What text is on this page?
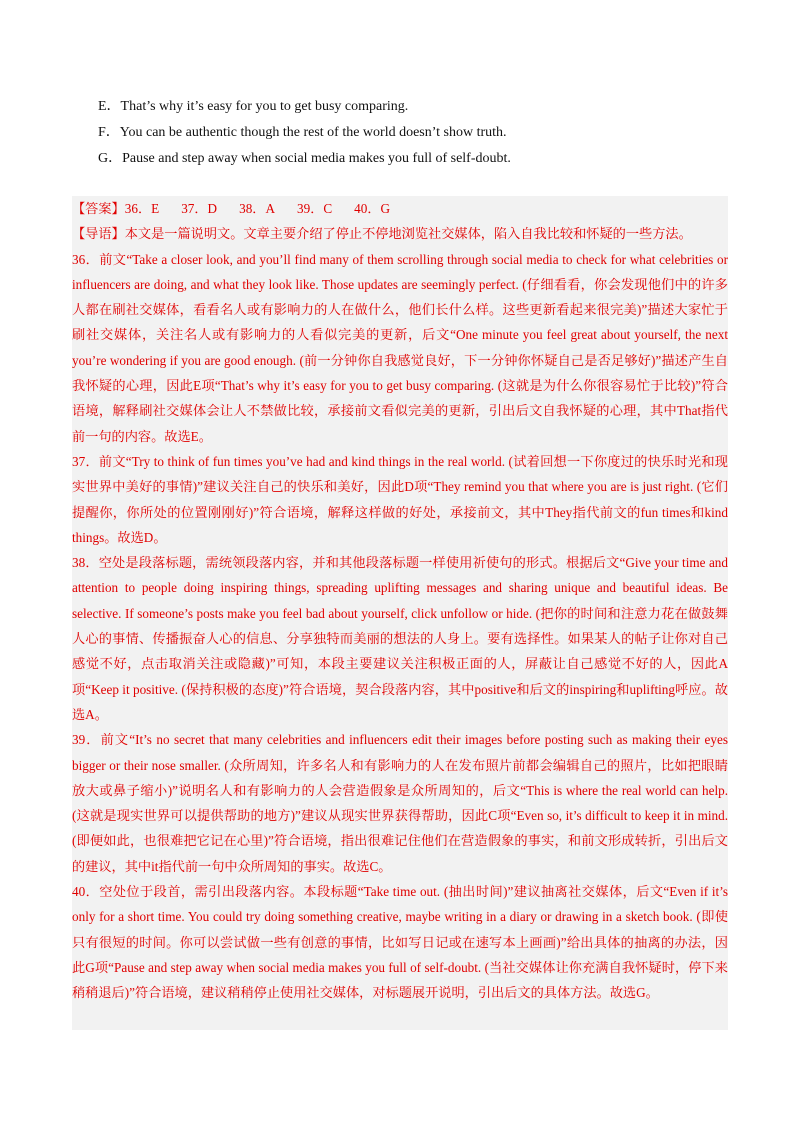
E．That’s why it’s easy for you to get busy comparing.
F．You can be authentic though the rest of the world doesn’t show truth.
G．Pause and step away when social media makes you full of self-doubt.
【答案】36．E 37．D 38．A 39．C 40．G

【导语】本文是一篇说明文。文章主要介绍了停止不停地浏览社交媒体，陷入自我比较和怀疑的一些方法。

36．前文“Take a closer look, and you’ll find many of them scrolling through social media to check for what celebrities or influencers are doing, and what they look like. Those updates are seemingly perfect. (仔细看看，你会发现他们中的许多人都在刷社交媒体，看看名人或有影响力的人在做什么，他们长什么样。这些更新看起来很完美)”描述大家忙于刷社交媒体，关注名人或有影响力的人看似完美的更新，后文“One minute you feel great about yourself, the next you’re wondering if you are good enough. (前一分钟你自我感觉良好，下一分钟你怀疑自己是否足够好)”描述产生自我怀疑的心理，因此E项“That’s why it’s easy for you to get busy comparing. (这就是为什么你很容易忙于比较)”符合语境，解释刷社交媒体会让人不禁做比较，承接前文看似完美的更新，引出后文自我怀疑的心理，其中That指代前一句的内容。故选E。

37．前文“Try to think of fun times you’ve had and kind things in the real world. (试着回想一下你度过的快乐时光和现实世界中美好的事情)”建议关注自己的快乐和美好，因此D项“They remind you that where you are is just right. (它们提醒你，你所处的位置刚刚好)”符合语境，解释这样做的好处，承接前文，其中They指代前文的fun times和kind things。故选D。

38．空处是段落标题，需统领段落内容，并和其他段落标题一样使用祈使句的形式。根据后文“Give your time and attention to people doing inspiring things, spreading uplifting messages and sharing unique and beautiful ideas. Be selective. If someone’s posts make you feel bad about yourself, click unfollow or hide. (把你的时间和注意力花在做鼓舞人心的事情、传播振奋人心的信息、分享独特而美丽的想法的人身上。要有选择性。如果某人的帖子让你对自己感觉不好，点击取消关注或隐藏)”可知，本段主要建议关注积极正面的人，屏蔽让自己感觉不好的人，因此A项“Keep it positive. (保持积极的态度)”符合语境，契合段落内容，其中positive和后文的inspiring和uplifting呼应。故选A。

39．前文“It’s no secret that many celebrities and influencers edit their images before posting such as making their eyes bigger or their nose smaller. (众所周知，许多名人和有影响力的人在发布照片前都会编辑自己的照片，比如把眼睛放大或鼻子缩小)”说明名人和有影响力的人会营造假象是众所周知的，后文“This is where the real world can help. (这就是现实世界可以提供帮助的地方)”建议从现实世界获得帮助，因此C项“Even so, it’s difficult to keep it in mind. (即便如此，也很难把它记在心里)”符合语境，指出很难记住他们在营造假象的事实，和前文形成转折，引出后文的建议，其中it指代前一句中众所周知的事实。故选C。

40．空处位于段首，需引出段落内容。本段标题“Take time out. (抽出时间)”建议抽离社交媒体，后文“Even if it’s only for a short time. You could try doing something creative, maybe writing in a diary or drawing in a sketch book. (即使只有很短的时间。你可以尝试做一些有创意的事情，比如写日记或在速写本上画画)”给出具体的抽离的办法，因此G项“Pause and step away when social media makes you full of self-doubt. (当社交媒体让你充满自我怀疑时，停下来稍稍退后)”符合语境，建议稍稍停止使用社交媒体，对标题展开说明，引出后文的具体方法。故选G。
